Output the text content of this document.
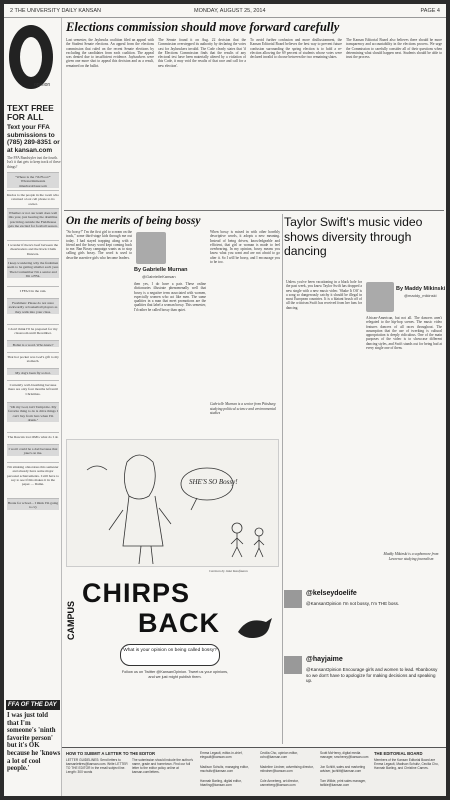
2 THE UNIVERSITY DAILY KANSAN	MONDAY, AUGUST 25, 2014	PAGE 4
opinion
TEXT FREE FOR ALL
Text your FFA submissions to (785) 289-8351 or at kansan.com
The FFA Bandstyler isnt the fourth. Isn't it that gets to keep track of these things?
"Where is the 7th Floor?" Whoisvmtmeanis #merhardclassroom
Kudos to the people in the room who returned a lost cell phone to its owner.
Whether or not our team does well this year, just hearing the drumline practicing outside the Fieldhouse gets me excited for football season.
I wonder if there's beef between the cheerleaders and the Rock Chalk Dancers.
I keep wondering why the freshmen seem to be getting smaller each year. Then I remember I'm a senior and I'm a FFA.
I FFA'd in the rain.
Freshmen: Please do not stare awkwardly at basketball players as they walk into your class.
I don't think I'll be prepared for my classroom until December.
Bobut is a word. Who knew?
That hot pocket was God's gift to my stomach.
My dog's been fly so hot.
Currently wall-breathing because there are only four months left until Christmas.
"Oh my God, isn't Tempi me. My favorite thing to do is drive things I can't buy from bars when I'm drunk."
The Rascals lost OMG what do I do
I won't could be a dad because that joke's on me.
I'm stinking obnoxious this semester and already have some major personal achievements. I still have to say to see if this makes it in the paper. ... Damn.
Break for school... I think I'm going to cry
FFA OF THE DAY
I was just told that I'm someone's 'ninth favorite person' but it's OK because he 'knows a lot of cool people.'
Elections commission should move forward carefully
Last semester, the Jayhawks coalition filed an appeal with the Student Senate elections. An appeal from the elections commission that ruled on the recent Senate elections by excluding the candidates from each coalition. The appeal was denied due to insufficient evidence. Jayhawkers were given one more shot to appeal this decision and as a result, remained on the ballot.
The Senate found it on Aug. 22 decision that the Commission overstepped its authority by declaring the votes cast for Jayhawkers invalid. The Code clearly states that 'if the Elections Commission finds that the results of any electoral test have been materially altered by a violation of this Code, it may void the results of that race and call for a new election'.
To avoid further confusion and more disillusionment, the Kansan Editorial Board believes the best way to prevent future confusion surrounding the spring election is to hold a re-election allowing the 69 percent of students whose votes were declared invalid to choose between the two remaining slates.
The Kansan Editorial Board also believes there should be more transparency and accountability in the elections process. We urge the Commission to carefully consider all of their questions when determining what should happen next. Students should be able to trust the process.
On the merits of being bossy
"So bossy!" I'm the first girl to scream on the track," some third-stage kids through me out today. I had stayed trapping along with a friend and the bossy word kept coming back to me. Ban Bossy campaign wants us to stop calling girls bossy. The word is used to describe assertive girls who become leaders.
By Gabrielle Murnan
@GabrielleKansan
then yes, I do have a pair. These online dictionaries illustrate phenomenally well that bossy is a negative term associated with women, especially women who act like men. The same qualities in a man that meet promotions are the qualities that label a woman bossy. This semester, I'd rather be called bossy than quiet.
When bossy is mixed in with other horribly descriptive words, it adopts a new meaning. Instead of being driven, knowledgeable and efficient, that girl or woman is made to feel overbearing. In my opinion, bossy means you know what you want and are not afraid to go after it. So I will be bossy, and I encourage you to be too.
Gabrielle Murnan is a senior from Pittsburg studying political science and environmental studies
SHE'S SO Bossy!
Cartoon by Jake Kaufmann
CAMPUS
CHIRPS
BACK
What is your opinion on being called bossy?
Follow us on Twitter @KansanOpinion. Tweet us your opinions, and we just might publish them.
Taylor Swift's music video shows diversity through dancing
Unless you've been vacationing in a black hole for the past week, you know Taylor Swift has dropped a new single with a new music video. 'Shake It Off' is a song so dangerously catchy it should be illegal in most European countries. It is a blatant brush off of all the criticism Swift has received from her fans for dancing.
By Maddy Mikinski
@maddy_mikinski
African-American, but not all. The dancers aren't relegated to the hip-hop scenes. The music video features dancers of all races throughout. The assumption that the use of twerking is cultural appropriation is deeply ridiculous. One of the main purposes of the video is to showcase different dancing styles, and Swift stands out for being bad at every single one of them.
Maddy Mikinski is a sophomore from Lawrence studying journalism
@kelseydoelife
@KansanOpinion I'm not bossy, I'm THE boss.
@hayjaime
@KansanOpinion Encourage girls and women to lead. #banbossy so we don't have to apologize for making decisions and speaking up.
HOW TO SUBMIT A LETTER TO THE EDITOR
LETTER GUIDELINES: Send letters to kansanlettres@kansan.com. Write LETTER TO THE EDITOR in the email subject line. Length: 300 words
The submission should include the author's name, grade and hometown. Find our full letter to the editor policy online at kansan.com/letters.
Emma Legault, editor-in-chief, elegault@kansan.com
Madison Schultz, managing editor, mschultz@kansan.com
Hannah Barling, digital editor, hbarling@kansan.com
Cecilia Cho, opinion editor, ccho@kansan.com
Madeline Lindner, advertising director, mlindner@kansan.com
Cole Anneberg, art director, canneberg@kansan.com
Scott McHenry, digital media manager, smchenry@kansan.com
Jon Schlitt, sales and marketing adviser, jschlitt@kansan.com
Tom Wilkie, print sales manager, twilkie@kansan.com
THE EDITORIAL BOARD
Members of the Kansan Editorial Board are Emma Legault, Madison Schultz, Cecilia Cho, Hannah Barling, and Christine Carnes.
